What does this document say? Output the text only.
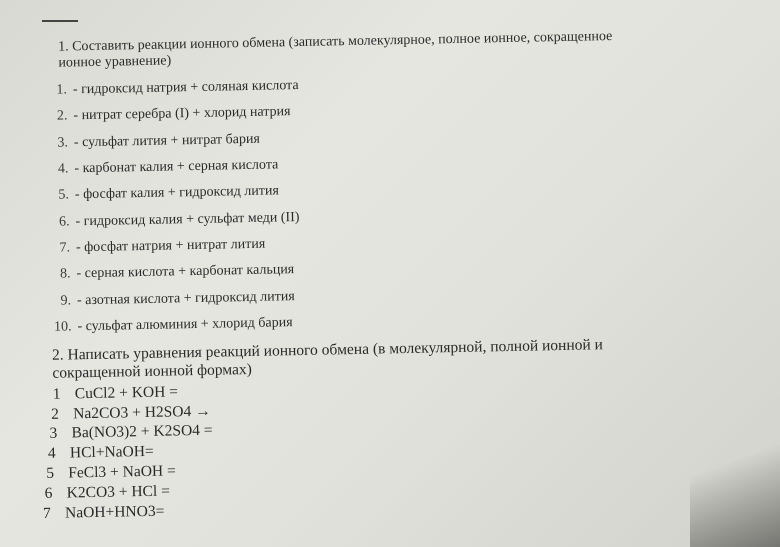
1. Составить реакции ионного обмена (записать молекулярное, полное ионное, сокращенное

ионное уравнение)

1. - гидроксид натрия + соляная кислота
2. - нитрат серебра (I) + хлорид натрия
3. - сульфат лития + нитрат бария
4. - карбонат калия + серная кислота
5. - фосфат калия + гидроксид лития
6. - гидроксид калия + сульфат меди (II)
7. - фосфат натрия + нитрат лития
8. - серная кислота + карбонат кальция
9. - азотная кислота + гидроксид лития
10. - сульфат алюминия + хлорид бария
2. Написать уравнения реакций ионного обмена (в молекулярной, полной ионной и
сокращенной ионной формах)
1 CuCl2 + KOH =
2 Na2CO3 + H2SO4 →
3 Ba(NO3)2 + K2SO4 =
4 HCl+NaOH=
5 FeCl3 + NaOH =
6 K2CO3 + HCl =
7 NaOH+HNO3=
